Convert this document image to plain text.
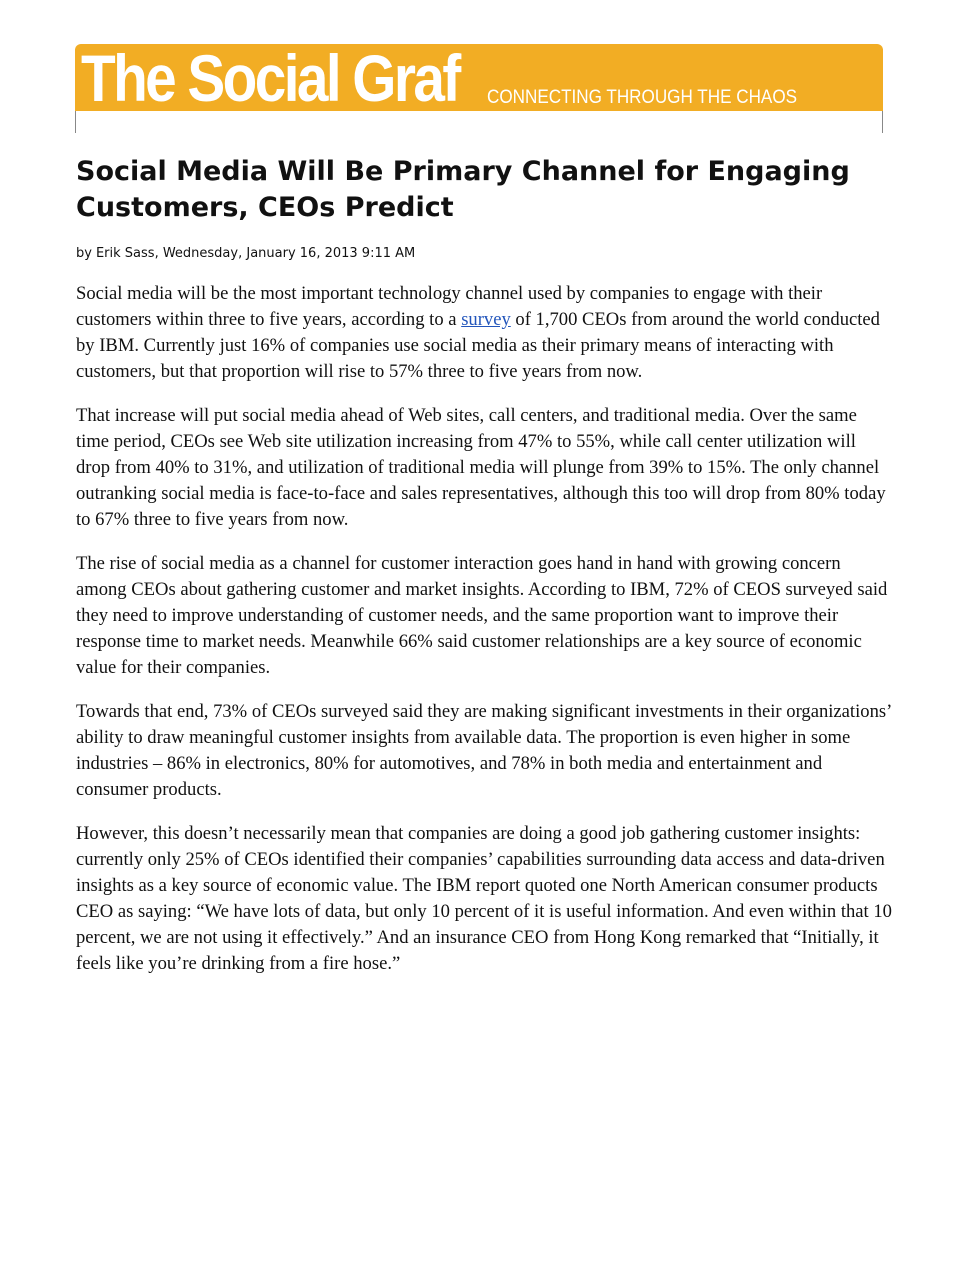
The Social Graf CONNECTING THROUGH THE CHAOS
Social Media Will Be Primary Channel for Engaging Customers, CEOs Predict
by Erik Sass, Wednesday, January 16, 2013 9:11 AM

Social media will be the most important technology channel used by companies to engage with their customers within three to five years, according to a survey of 1,700 CEOs from around the world conducted by IBM. Currently just 16% of companies use social media as their primary means of interacting with customers, but that proportion will rise to 57% three to five years from now.

That increase will put social media ahead of Web sites, call centers, and traditional media. Over the same time period, CEOs see Web site utilization increasing from 47% to 55%, while call center utilization will drop from 40% to 31%, and utilization of traditional media will plunge from 39% to 15%. The only channel outranking social media is face-to-face and sales representatives, although this too will drop from 80% today to 67% three to five years from now.

The rise of social media as a channel for customer interaction goes hand in hand with growing concern among CEOs about gathering customer and market insights. According to IBM, 72% of CEOS surveyed said they need to improve understanding of customer needs, and the same proportion want to improve their response time to market needs. Meanwhile 66% said customer relationships are a key source of economic value for their companies.

Towards that end, 73% of CEOs surveyed said they are making significant investments in their organizations’ ability to draw meaningful customer insights from available data. The proportion is even higher in some industries – 86% in electronics, 80% for automotives, and 78% in both media and entertainment and consumer products.

However, this doesn’t necessarily mean that companies are doing a good job gathering customer insights: currently only 25% of CEOs identified their companies’ capabilities surrounding data access and data-driven insights as a key source of economic value. The IBM report quoted one North American consumer products CEO as saying: “We have lots of data, but only 10 percent of it is useful information. And even within that 10 percent, we are not using it effectively.” And an insurance CEO from Hong Kong remarked that “Initially, it feels like you’re drinking from a fire hose.”
